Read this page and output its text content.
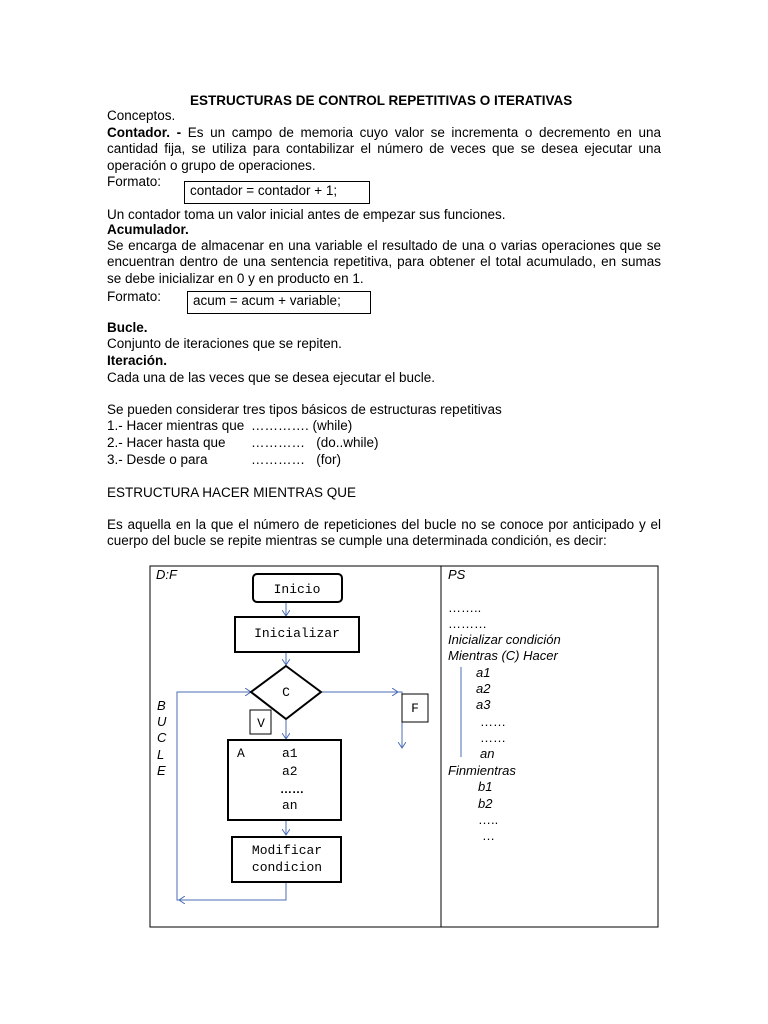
ESTRUCTURAS DE CONTROL REPETITIVAS O ITERATIVAS
Conceptos.
Contador. - Es un campo de memoria cuyo valor se incrementa o decremento en una cantidad fija, se utiliza para contabilizar el número de veces que se desea ejecutar una operación o grupo de operaciones.
Formato:
contador = contador + 1;
Un contador toma un valor inicial antes de empezar sus funciones.
Acumulador.
Se encarga de almacenar en una variable el resultado de una o varias operaciones que se encuentran dentro de una sentencia repetitiva, para obtener el total acumulado, en sumas se debe inicializar en 0 y en producto en 1.
Formato:	acum = acum + variable;
Bucle.
Conjunto de iteraciones que se repiten.
Iteración.
Cada una de las veces que se desea ejecutar el bucle.
Se pueden considerar tres tipos básicos de estructuras repetitivas
1.- Hacer mientras que …………. (while)
2.- Hacer hasta que …………   (do..while)
3.- Desde o para	…………   (for)
ESTRUCTURA HACER MIENTRAS QUE
Es aquella en la que el número de repeticiones del bucle no se conoce por anticipado y el cuerpo del bucle se repite mientras se cumple una determinada condición, es decir:
Inicio
Inicializar
C
V
F
A	a1
a2
……
an
Modificar
condicion
D:F
B
U
C
L
E
PS
……..
………
Inicializar condición
Mientras (C) Hacer
a1
a2
a3
……
……
an
Finmientras
b1
b2
…..
…
